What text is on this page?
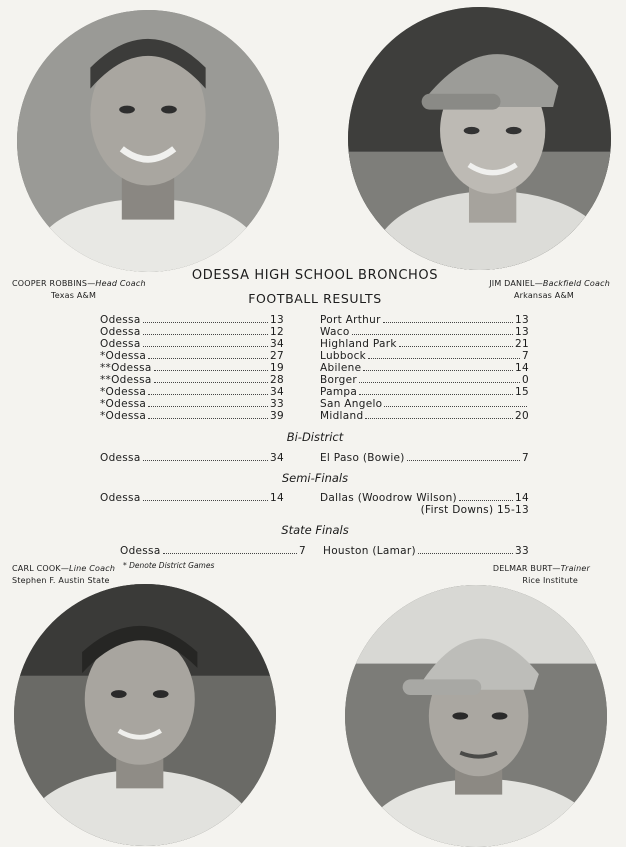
COOPER ROBBINS—Head Coach
Texas A&M
JIM DANIEL—Backfield Coach
Arkansas A&M
CARL COOK—Line Coach
Stephen F. Austin State
DELMAR BURT—Trainer
Rice Institute
ODESSA HIGH SCHOOL BRONCHOS
FOOTBALL RESULTS
Odessa	13	Port Arthur	13
Odessa	12	Waco	13
Odessa	34	Highland Park	21
*Odessa	27	Lubbock	7
**Odessa	19	Abilene	14
**Odessa	28	Borger	0
*Odessa	34	Pampa	15
*Odessa	33	San Angelo
*Odessa	39	Midland	20
Bi-District
Odessa	34	El Paso (Bowie)	7
Semi-Finals
Odessa	14	Dallas (Woodrow Wilson)	14
(First Downs) 15-13
State Finals
Odessa	7 Houston (Lamar)	33
* Denote District Games
